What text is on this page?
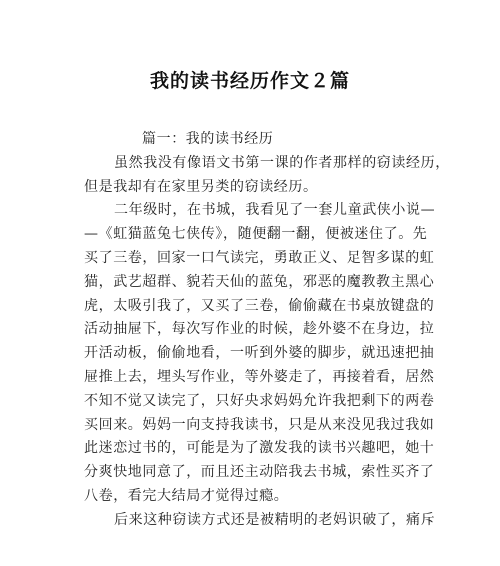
我的读书经历作文２篇
篇一：我的读书经历
虽然我没有像语文书第一课的作者那样的窃读经历，
但是我却有在家里另类的窃读经历。
二年级时，在书城，我看见了一套儿童武侠小说—
—《虹猫蓝兔七侠传》，随便翻一翻，便被迷住了。先
买了三卷，回家一口气读完，勇敢正义、足智多谋的虹
猫，武艺超群、貌若天仙的蓝兔，邪恶的魔教教主黑心
虎，太吸引我了，又买了三卷，偷偷藏在书桌放键盘的
活动抽屉下，每次写作业的时候，趁外婆不在身边，拉
开活动板，偷偷地看，一听到外婆的脚步，就迅速把抽
屉推上去，埋头写作业，等外婆走了，再接着看，居然
不知不觉又读完了，只好央求妈妈允许我把剩下的两卷
买回来。妈妈一向支持我读书，只是从来没见我过我如
此迷恋过书的，可能是为了激发我的读书兴趣吧，她十
分爽快地同意了，而且还主动陪我去书城，索性买齐了
八卷，看完大结局才觉得过瘾。
后来这种窃读方式还是被精明的老妈识破了，痛斥
